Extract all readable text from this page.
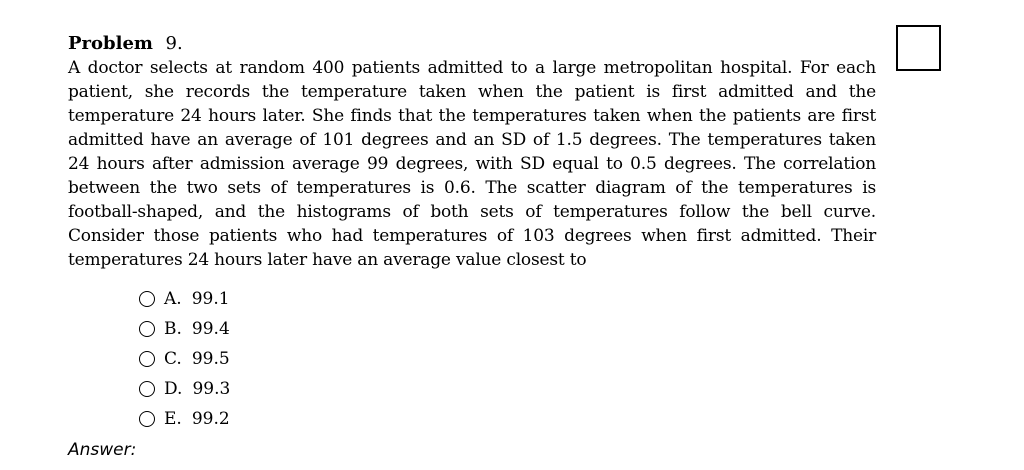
Problem 9.

A doctor selects at random 400 patients admitted to a large metropolitan hospital. For each patient, she records the temperature taken when the patient is first admitted and the temperature 24 hours later. She finds that the temperatures taken when the patients are first admitted have an average of 101 degrees and an SD of 1.5 degrees. The temperatures taken 24 hours after admission average 99 degrees, with SD equal to 0.5 degrees. The correlation between the two sets of temperatures is 0.6. The scatter diagram of the temperatures is football-shaped, and the histograms of both sets of temperatures follow the bell curve. Consider those patients who had temperatures of 103 degrees when first admitted. Their temperatures 24 hours later have an average value closest to

A. 99.1
B. 99.4
C. 99.5
D. 99.3
E. 99.2
Answer:
